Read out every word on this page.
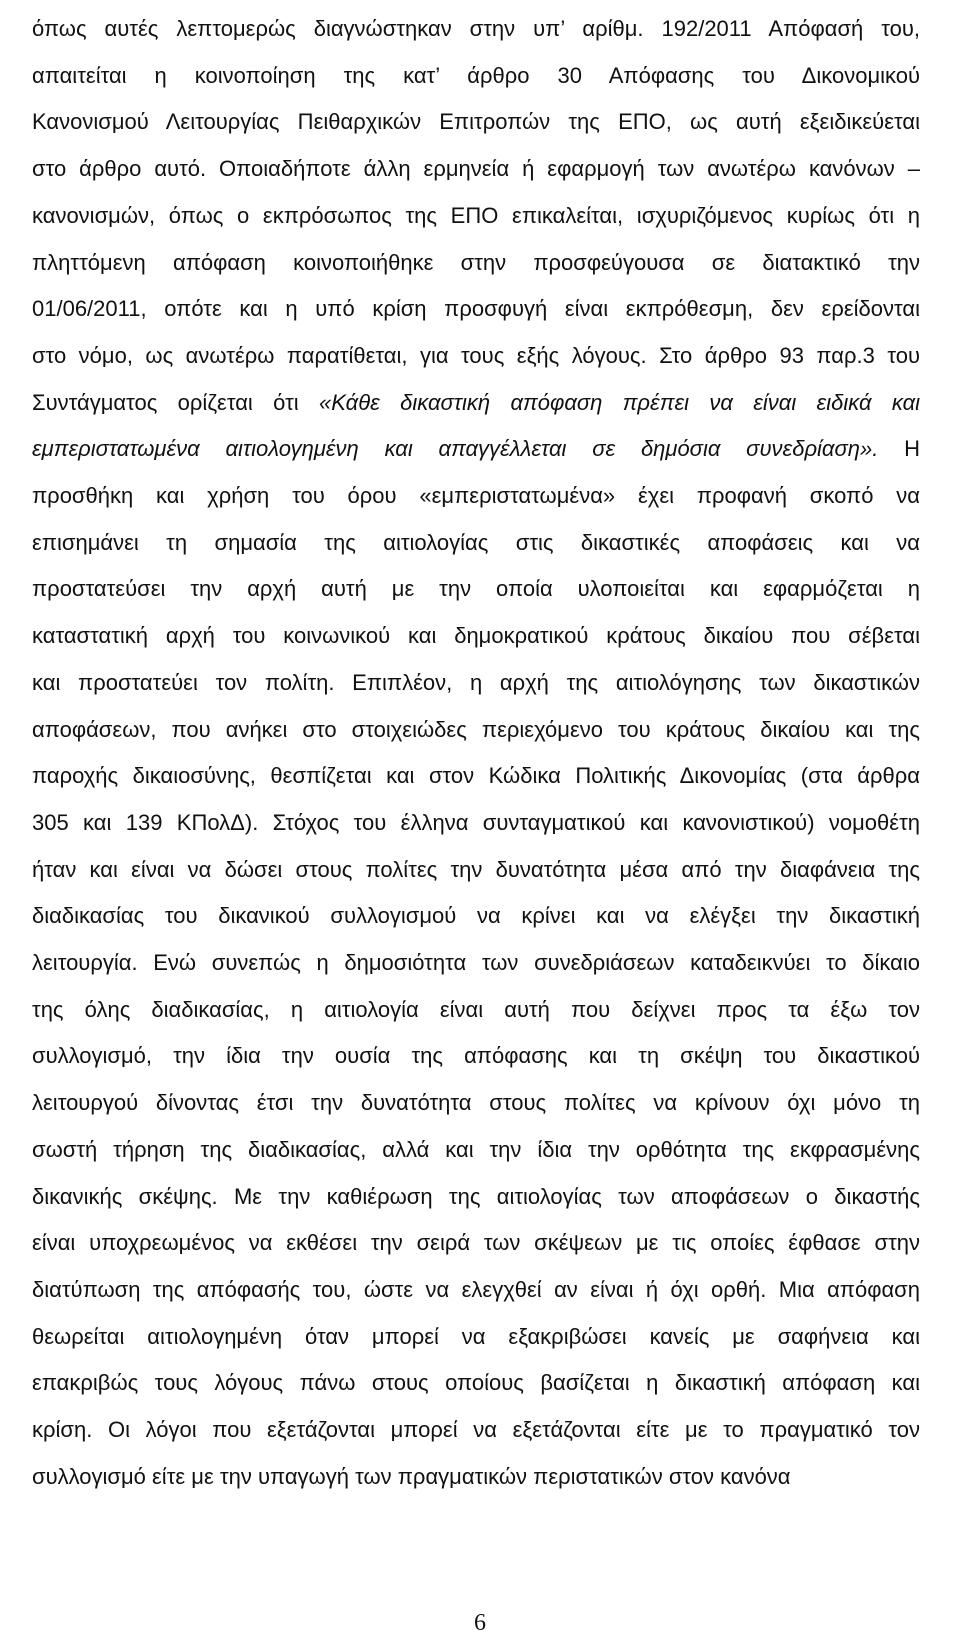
όπως αυτές λεπτομερώς διαγνώστηκαν στην υπ’ αρίθμ. 192/2011 Απόφασή του,
απαιτείται η κοινοποίηση της κατ’ άρθρο 30 Απόφασης του Δικονομικού
Κανονισμού Λειτουργίας Πειθαρχικών Επιτροπών της ΕΠΟ, ως αυτή εξειδικεύεται
στο άρθρο αυτό. Οποιαδήποτε άλλη ερμηνεία ή εφαρμογή των ανωτέρω κανόνων –
κανονισμών, όπως ο εκπρόσωπος της ΕΠΟ επικαλείται, ισχυριζόμενος κυρίως ότι η
πληττόμενη απόφαση κοινοποιήθηκε στην προσφεύγουσα σε διατακτικό την
01/06/2011, οπότε και η υπό κρίση προσφυγή είναι εκπρόθεσμη, δεν ερείδονται
στο νόμο, ως ανωτέρω παρατίθεται, για τους εξής λόγους. Στο άρθρο 93 παρ.3 του
Συντάγματος ορίζεται ότι «Κάθε δικαστική απόφαση πρέπει να είναι ειδικά και
εμπεριστατωμένα αιτιολογημένη και απαγγέλλεται σε δημόσια συνεδρίαση». Η
προσθήκη και χρήση του όρου «εμπεριστατωμένα» έχει προφανή σκοπό να
επισημάνει τη σημασία της αιτιολογίας στις δικαστικές αποφάσεις και να
προστατεύσει την αρχή αυτή με την οποία υλοποιείται και εφαρμόζεται η
καταστατική αρχή του κοινωνικού και δημοκρατικού κράτους δικαίου που σέβεται
και προστατεύει τον πολίτη. Επιπλέον, η αρχή της αιτιολόγησης των δικαστικών
αποφάσεων, που ανήκει στο στοιχειώδες περιεχόμενο του κράτους δικαίου και της
παροχής δικαιοσύνης, θεσπίζεται και στον Κώδικα Πολιτικής Δικονομίας (στα άρθρα
305 και 139 ΚΠολΔ). Στόχος του έλληνα συνταγματικού και κανονιστικού) νομοθέτη
ήταν και είναι να δώσει στους πολίτες την δυνατότητα μέσα από την διαφάνεια της
διαδικασίας του δικανικού συλλογισμού να κρίνει και να ελέγξει την δικαστική
λειτουργία. Ενώ συνεπώς η δημοσιότητα των συνεδριάσεων καταδεικνύει το δίκαιο
της όλης διαδικασίας, η αιτιολογία είναι αυτή που δείχνει προς τα έξω τον
συλλογισμό, την ίδια την ουσία της απόφασης και τη σκέψη του δικαστικού
λειτουργού δίνοντας έτσι την δυνατότητα στους πολίτες να κρίνουν όχι μόνο τη
σωστή τήρηση της διαδικασίας, αλλά και την ίδια την ορθότητα της εκφρασμένης
δικανικής σκέψης. Με την καθιέρωση της αιτιολογίας των αποφάσεων ο δικαστής
είναι υποχρεωμένος να εκθέσει την σειρά των σκέψεων με τις οποίες έφθασε στην
διατύπωση της απόφασής του, ώστε να ελεγχθεί αν είναι ή όχι ορθή. Μια απόφαση
θεωρείται αιτιολογημένη όταν μπορεί να εξακριβώσει κανείς με σαφήνεια και
επακριβώς τους λόγους πάνω στους οποίους βασίζεται η δικαστική απόφαση και
κρίση. Οι λόγοι που εξετάζονται μπορεί να εξετάζονται είτε με το πραγματικό τον
συλλογισμό είτε με την υπαγωγή των πραγματικών περιστατικών στον κανόνα
6
